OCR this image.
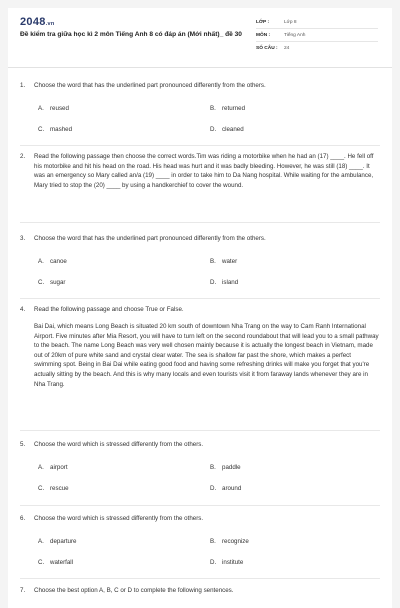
2048.vn
Đề kiểm tra giữa học kì 2 môn Tiếng Anh 8 có đáp án (Mới nhất)_ đề 30
LỚP :	Lớp 8
MÔN :	Tiếng Anh
SỐ CÂU : 24
1. Choose the word that has the underlined part pronounced differently from the others.
A. reused	B. returned
C. mashed	D. cleaned
2. Read the following passage then choose the correct words.Tim was riding a motorbike when he had an (17) ____. He fell off his motorbike and hit his head on the road. His head was hurt and it was badly bleeding. However, he was still (18) ____. It was an emergency so Mary called an/a (19) ____ in order to take him to Da Nang hospital. While waiting for the ambulance, Mary tried to stop the (20) ____ by using a handkerchief to cover the wound.
3. Choose the word that has the underlined part pronounced differently from the others.
A. canoe	B. water
C. sugar	D. island
4. Read the following passage and choose True or False.
Bai Dai, which means Long Beach is situated 20 km south of downtown Nha Trang on the way to Cam Ranh International Airport. Five minutes after Mia Resort, you will have to turn left on the second roundabout that will lead you to a small pathway to the beach. The name Long Beach was very well chosen mainly because it is actually the longest beach in Vietnam, made out of 20km of pure white sand and crystal clear water. The sea is shallow far past the shore, which makes a perfect swimming spot. Being in Bai Dai while eating good food and having some refreshing drinks will make you forget that you're actually sitting by the beach. And this is why many locals and even tourists visit it from faraway lands whenever they are in Nha Trang.
5. Choose the word which is stressed differently from the others.
A. airport	B. paddle
C. rescue	D. around
6. Choose the word which is stressed differently from the others.
A. departure	B. recognize
C. waterfall	D. institute
7. Choose the best option A, B, C or D to complete the following sentences.
